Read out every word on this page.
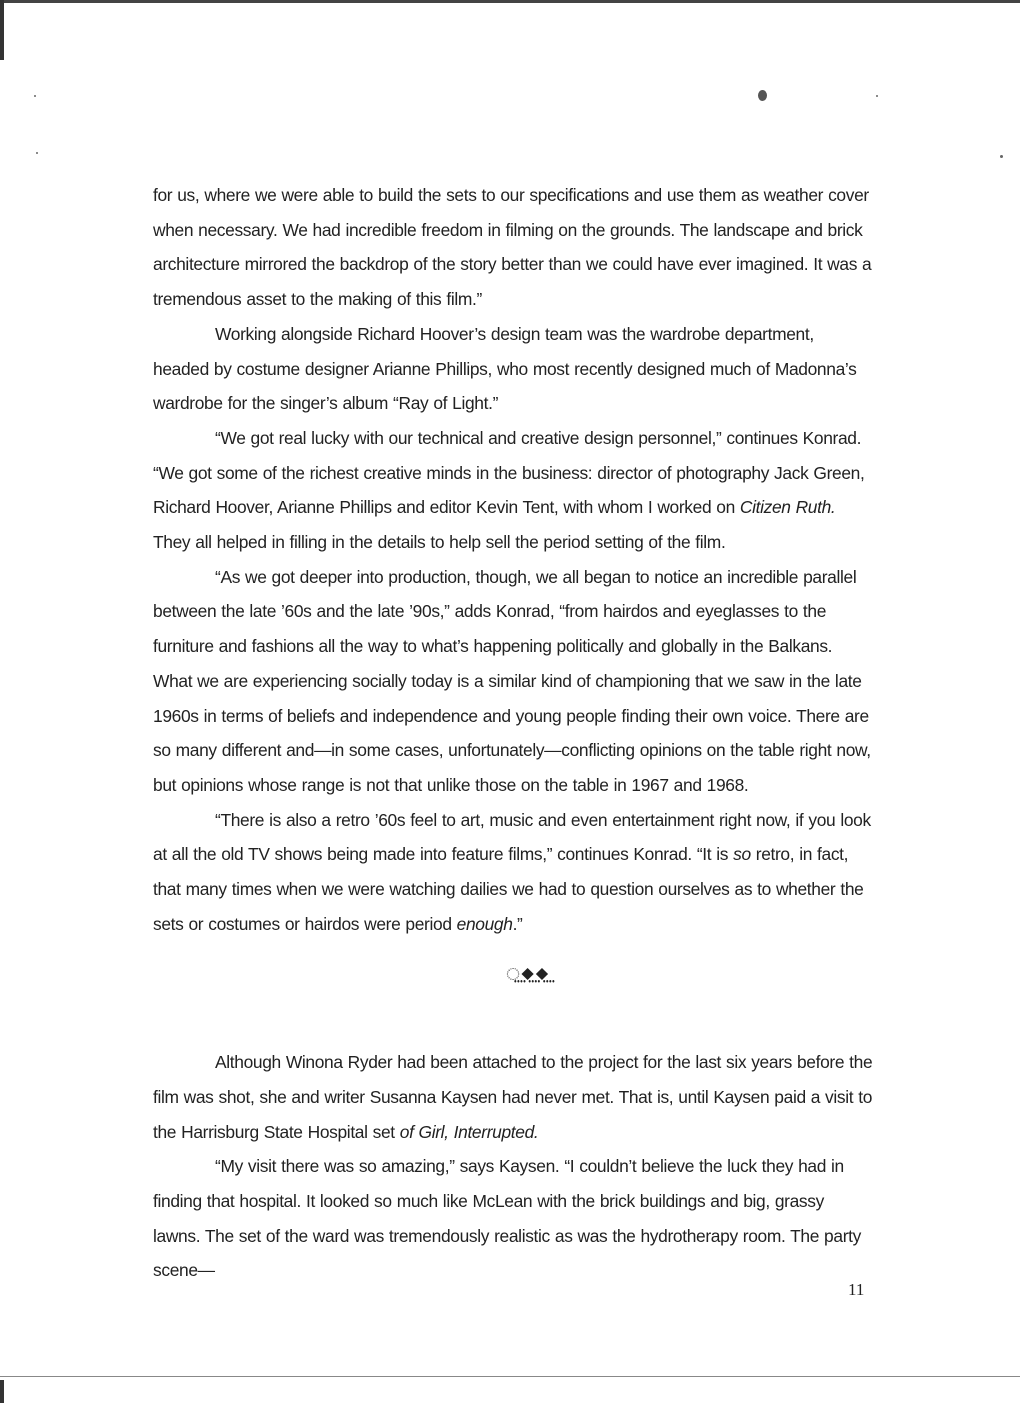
for us, where we were able to build the sets to our specifications and use them as weather cover when necessary. We had incredible freedom in filming on the grounds. The landscape and brick architecture mirrored the backdrop of the story better than we could have ever imagined. It was a tremendous asset to the making of this film.”

Working alongside Richard Hoover’s design team was the wardrobe department, headed by costume designer Arianne Phillips, who most recently designed much of Madonna’s wardrobe for the singer’s album “Ray of Light.”

“We got real lucky with our technical and creative design personnel,” continues Konrad. “We got some of the richest creative minds in the business: director of photography Jack Green, Richard Hoover, Arianne Phillips and editor Kevin Tent, with whom I worked on Citizen Ruth. They all helped in filling in the details to help sell the period setting of the film.

“As we got deeper into production, though, we all began to notice an incredible parallel between the late ’60s and the late ’90s,” adds Konrad, “from hairdos and eyeglasses to the furniture and fashions all the way to what’s happening politically and globally in the Balkans. What we are experiencing socially today is a similar kind of championing that we saw in the late 1960s in terms of beliefs and independence and young people finding their own voice. There are so many different and—in some cases, unfortunately—conflicting opinions on the table right now, but opinions whose range is not that unlike those on the table in 1967 and 1968.

“There is also a retro ’60s feel to art, music and even entertainment right now, if you look at all the old TV shows being made into feature films,” continues Konrad. “It is so retro, in fact, that many times when we were watching dailies we had to question ourselves as to whether the sets or costumes or hairdos were period enough.”

⵿◆⵿◆⵿

Although Winona Ryder had been attached to the project for the last six years before the film was shot, she and writer Susanna Kaysen had never met. That is, until Kaysen paid a visit to the Harrisburg State Hospital set of Girl, Interrupted.

“My visit there was so amazing,” says Kaysen. “I couldn’t believe the luck they had in finding that hospital. It looked so much like McLean with the brick buildings and big, grassy lawns. The set of the ward was tremendously realistic as was the hydrotherapy room. The party scene—

11
